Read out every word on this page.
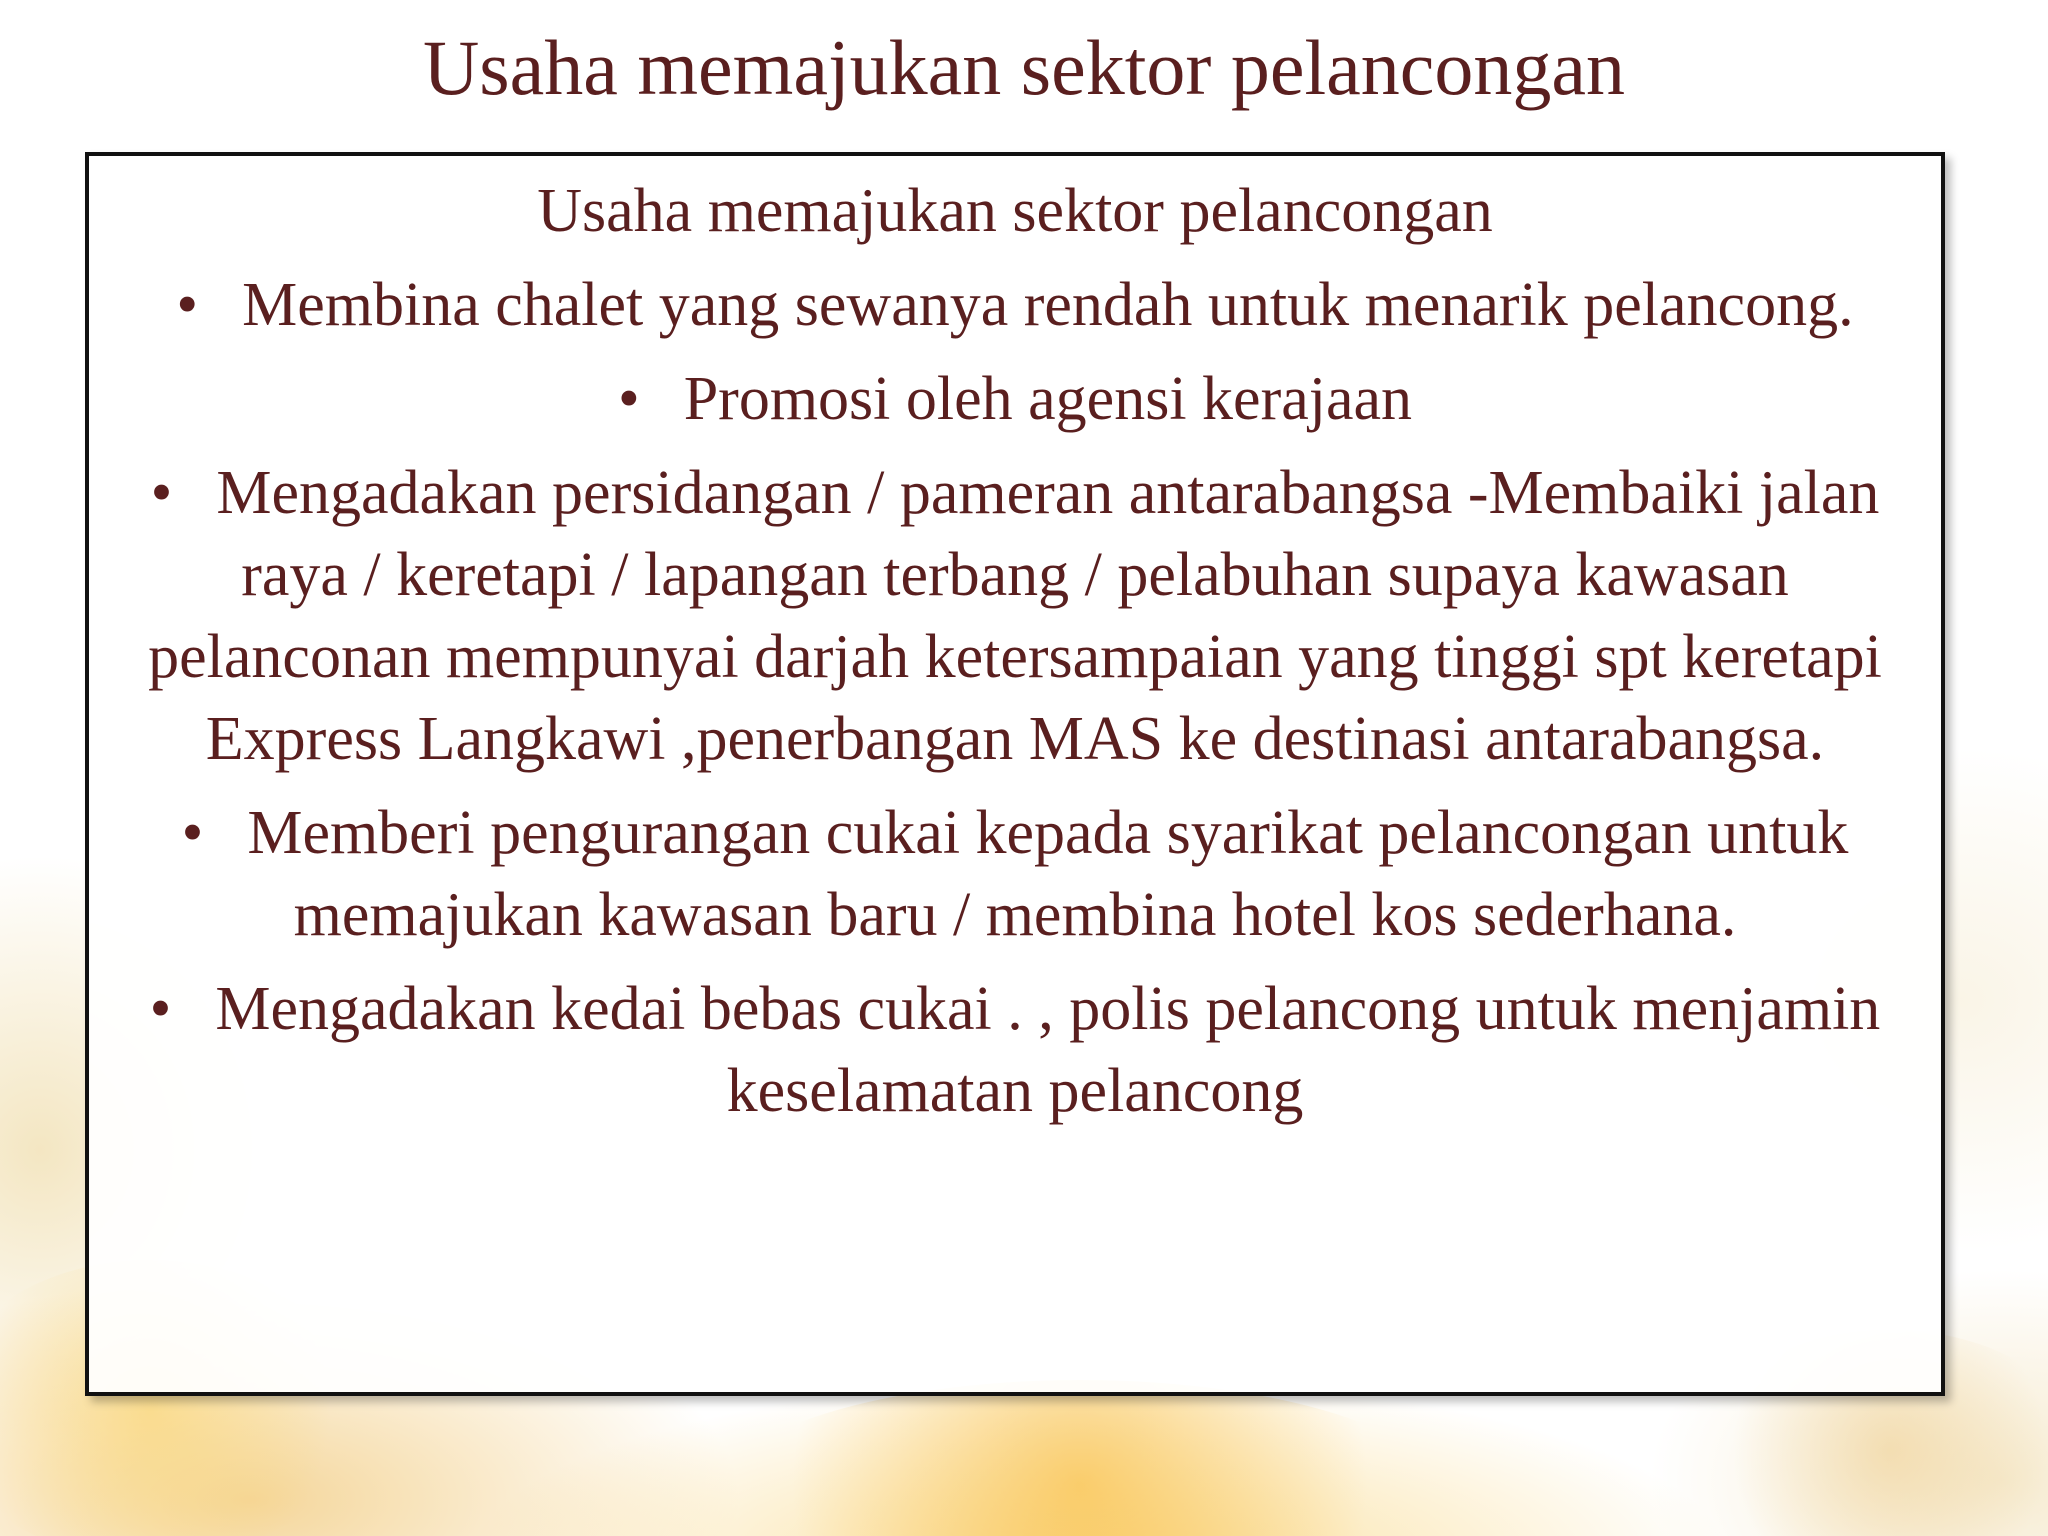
Usaha memajukan sektor pelancongan
Usaha memajukan sektor pelancongan
• Membina chalet yang sewanya rendah untuk menarik pelancong.
• Promosi oleh agensi kerajaan
• Mengadakan persidangan / pameran antarabangsa -Membaiki jalan raya / keretapi / lapangan terbang / pelabuhan supaya kawasan pelanconan mempunyai darjah ketersampaian yang tinggi spt keretapi Express Langkawi ,penerbangan MAS ke destinasi antarabangsa.
• Memberi pengurangan cukai kepada syarikat pelancongan untuk memajukan kawasan baru / membina hotel kos sederhana.
• Mengadakan kedai bebas cukai . , polis pelancong untuk menjamin keselamatan pelancong
